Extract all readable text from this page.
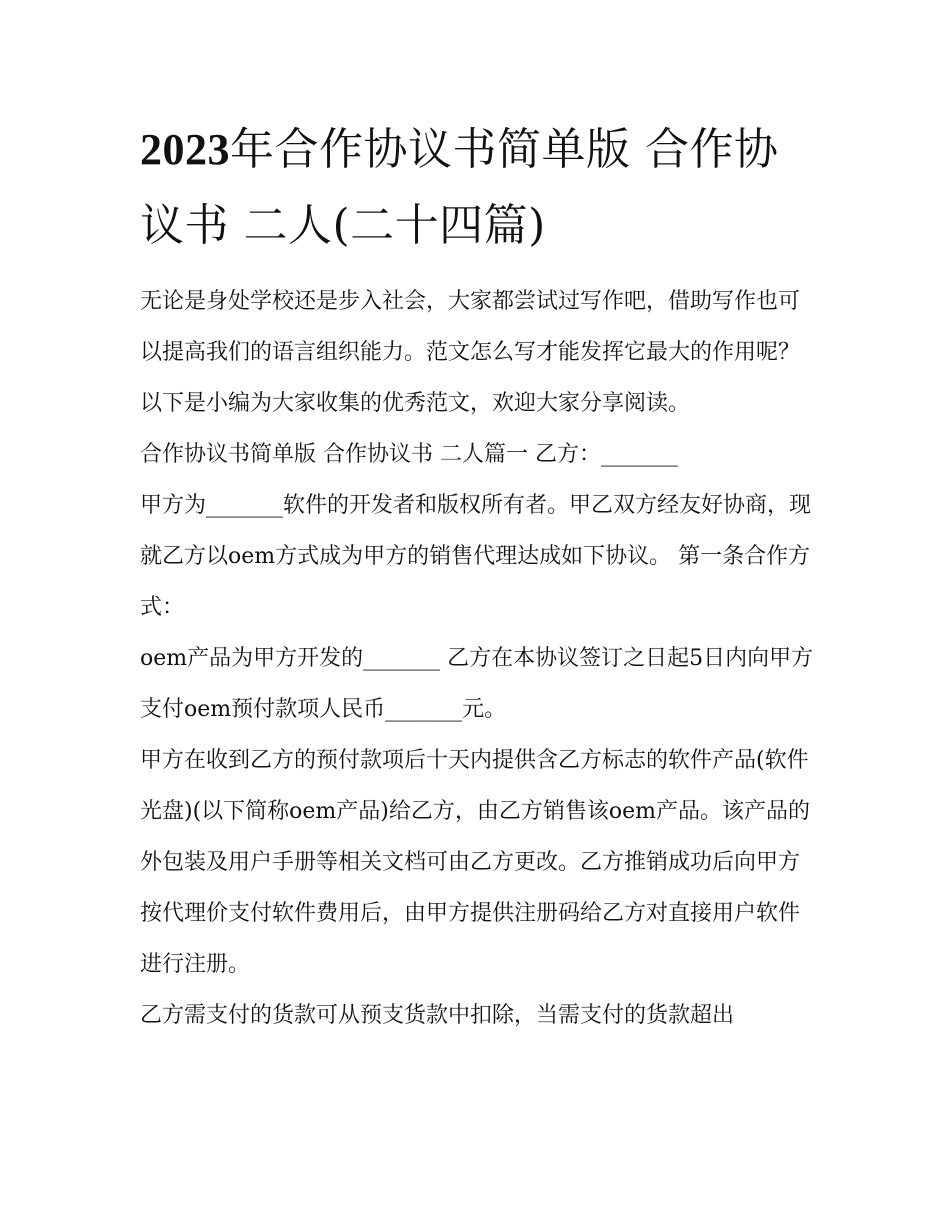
2023年合作协议书简单版 合作协议书 二人(二十四篇)

无论是身处学校还是步入社会，大家都尝试过写作吧，借助写作也可以提高我们的语言组织能力。范文怎么写才能发挥它最大的作用呢？以下是小编为大家收集的优秀范文，欢迎大家分享阅读。

合作协议书简单版 合作协议书 二人篇一 乙方：_______

甲方为_______软件的开发者和版权所有者。甲乙双方经友好协商，现就乙方以oem方式成为甲方的销售代理达成如下协议。 第一条合作方式：

oem产品为甲方开发的_______ 乙方在本协议签订之日起5日内向甲方支付oem预付款项人民币_______元。

甲方在收到乙方的预付款项后十天内提供含乙方标志的软件产品(软件光盘)(以下简称oem产品)给乙方，由乙方销售该oem产品。该产品的外包装及用户手册等相关文档可由乙方更改。乙方推销成功后向甲方按代理价支付软件费用后，由甲方提供注册码给乙方对直接用户软件进行注册。

乙方需支付的货款可从预支货款中扣除，当需支付的货款超出
